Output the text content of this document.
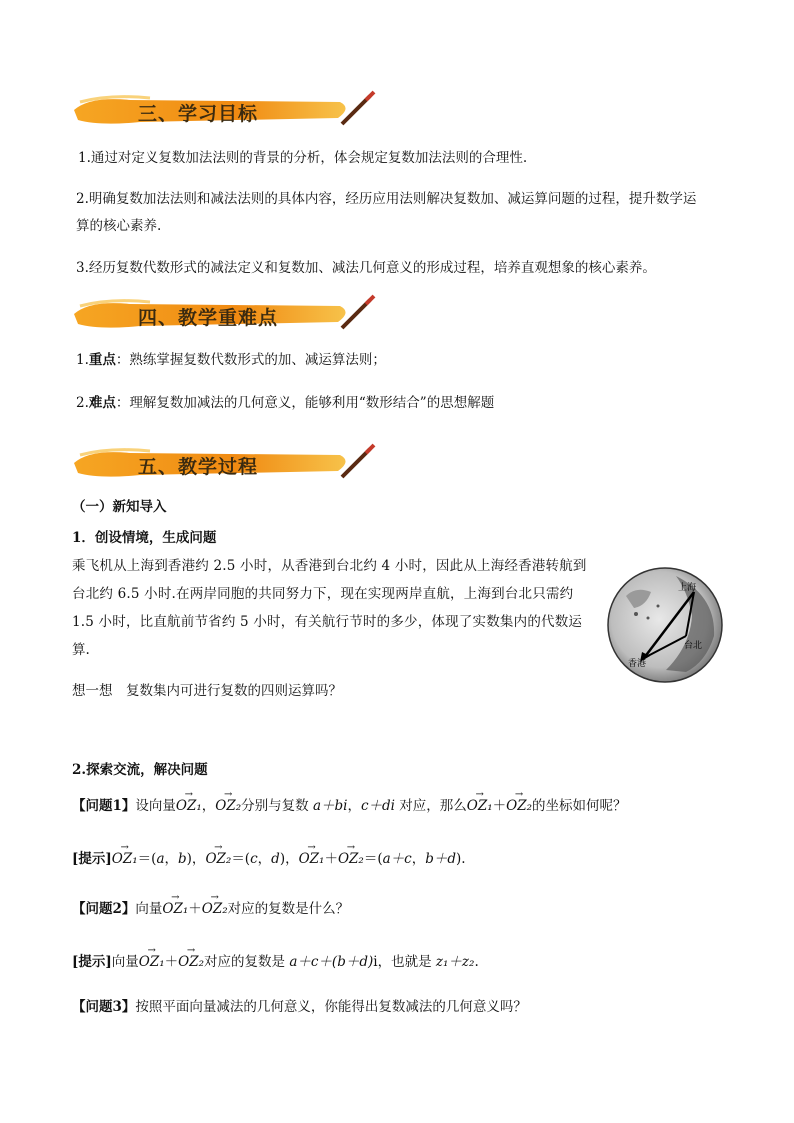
三、学习目标
1.通过对定义复数加法法则的背景的分析，体会规定复数加法法则的合理性.
2.明确复数加法法则和减法法则的具体内容，经历应用法则解决复数加、减运算问题的过程，提升数学运
算的核心素养.
3.经历复数代数形式的减法定义和复数加、减法几何意义的形成过程，培养直观想象的核心素养。
四、教学重难点
1.重点：熟练掌握复数代数形式的加、减运算法则；
2.难点：理解复数加减法的几何意义，能够利用“数形结合”的思想解题
五、教学过程
（一）新知导入
1．创设情境，生成问题
乘飞机从上海到香港约 2.5 小时，从香港到台北约 4 小时，因此从上海经香港转航到
台北约 6.5 小时.在两岸同胞的共同努力下，现在实现两岸直航，上海到台北只需约
1.5 小时，比直航前节省约 5 小时，有关航行节时的多少，体现了实数集内的代数运
算.
上海
台北
香港
想一想　复数集内可进行复数的四则运算吗？
2.探索交流，解决问题
【问题1】设向量→ OZ₁，→ OZ₂分别与复数 a＋bi，c＋di 对应，那么→ OZ₁＋→ OZ₂的坐标如何呢？
[提示]→ OZ₁＝(a，b)，→ OZ₂＝(c，d)，→ OZ₁＋→ OZ₂＝(a＋c，b＋d).
【问题2】向量→ OZ₁＋→ OZ₂对应的复数是什么？
[提示]向量→ OZ₁＋→ OZ₂对应的复数是 a＋c＋(b＋d)i，也就是 z₁＋z₂.
【问题3】按照平面向量减法的几何意义，你能得出复数减法的几何意义吗？
